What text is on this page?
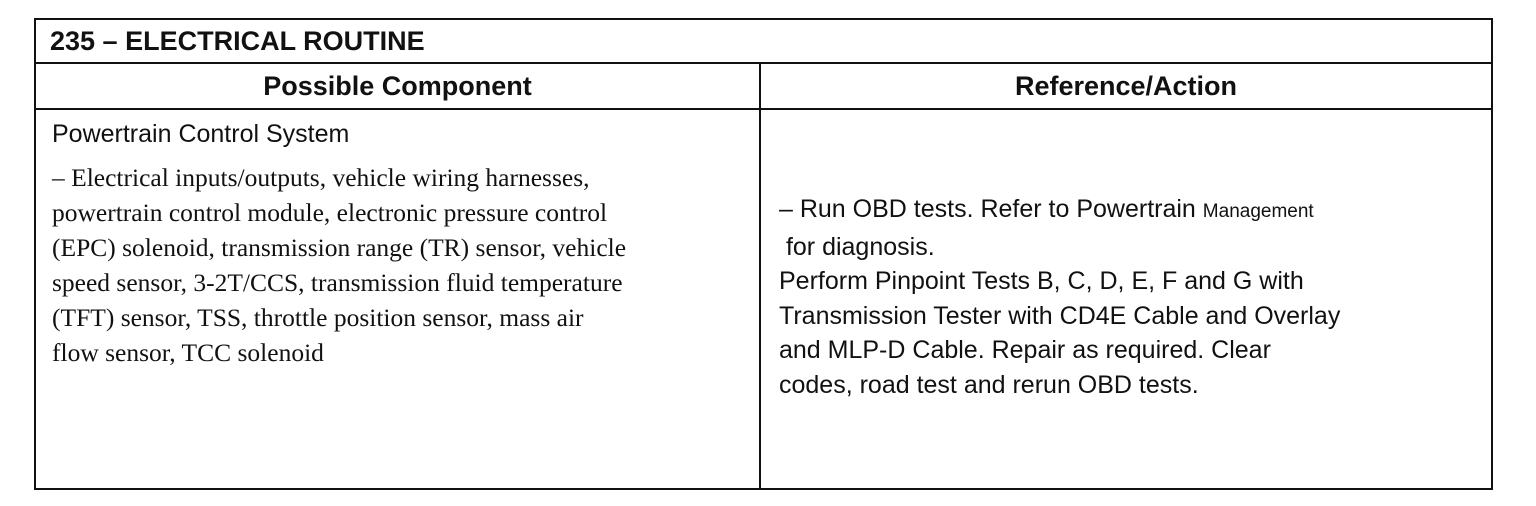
235 – ELECTRICAL ROUTINE
Possible Component	Reference/Action
Powertrain Control System
– Electrical inputs/outputs, vehicle wiring harnesses,
powertrain control module, electronic pressure control
(EPC) solenoid, transmission range (TR) sensor, vehicle
speed sensor, 3-2T/CCS, transmission fluid temperature
(TFT) sensor, TSS, throttle position sensor, mass air
flow sensor, TCC solenoid
– Run OBD tests. Refer to Powertrain Management
for diagnosis.
Perform Pinpoint Tests B, C, D, E, F and G with
Transmission Tester with CD4E Cable and Overlay
and MLP-D Cable. Repair as required. Clear
codes, road test and rerun OBD tests.
